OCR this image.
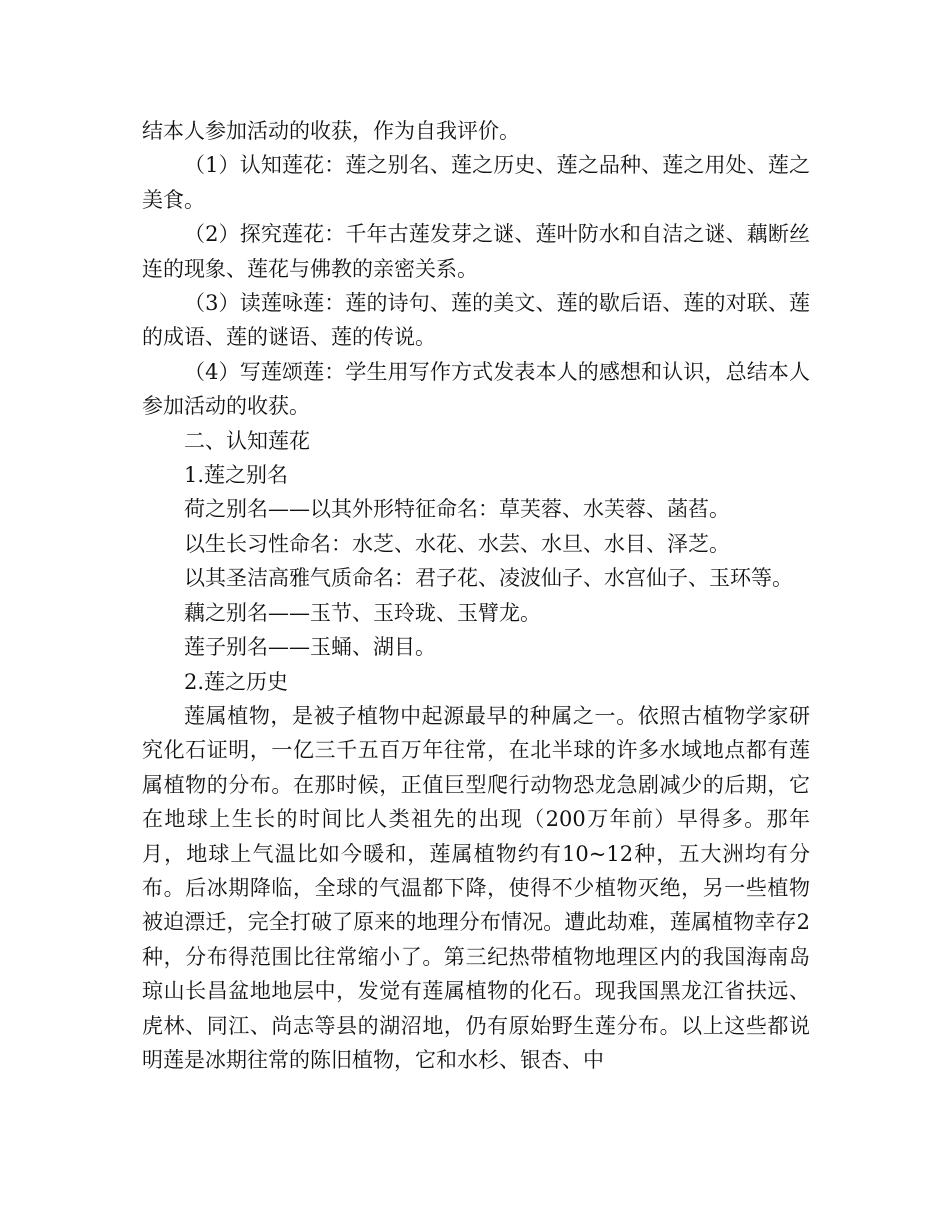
结本人参加活动的收获，作为自我评价。

（1）认知莲花：莲之别名、莲之历史、莲之品种、莲之用处、莲之美食。

（2）探究莲花：千年古莲发芽之谜、莲叶防水和自洁之谜、藕断丝连的现象、莲花与佛教的亲密关系。

（3）读莲咏莲：莲的诗句、莲的美文、莲的歇后语、莲的对联、莲的成语、莲的谜语、莲的传说。

（4）写莲颂莲：学生用写作方式发表本人的感想和认识，总结本人参加活动的收获。

二、认知莲花

1.莲之别名

荷之别名——以其外形特征命名：草芙蓉、水芙蓉、菡萏。

以生长习性命名：水芝、水花、水芸、水旦、水目、泽芝。

以其圣洁高雅气质命名：君子花、凌波仙子、水宫仙子、玉环等。

藕之别名——玉节、玉玲珑、玉臂龙。

莲子别名——玉蛹、湖目。

2.莲之历史

莲属植物，是被子植物中起源最早的种属之一。依照古植物学家研究化石证明，一亿三千五百万年往常，在北半球的许多水域地点都有莲属植物的分布。在那时候，正值巨型爬行动物恐龙急剧减少的后期，它在地球上生长的时间比人类祖先的出现（200万年前）早得多。那年月，地球上气温比如今暖和，莲属植物约有10~12种，五大洲均有分布。后冰期降临，全球的气温都下降，使得不少植物灭绝，另一些植物被迫漂迁，完全打破了原来的地理分布情况。遭此劫难，莲属植物幸存2种，分布得范围比往常缩小了。第三纪热带植物地理区内的我国海南岛琼山长昌盆地地层中，发觉有莲属植物的化石。现我国黑龙江省扶远、虎林、同江、尚志等县的湖沼地，仍有原始野生莲分布。以上这些都说明莲是冰期往常的陈旧植物，它和水杉、银杏、中
